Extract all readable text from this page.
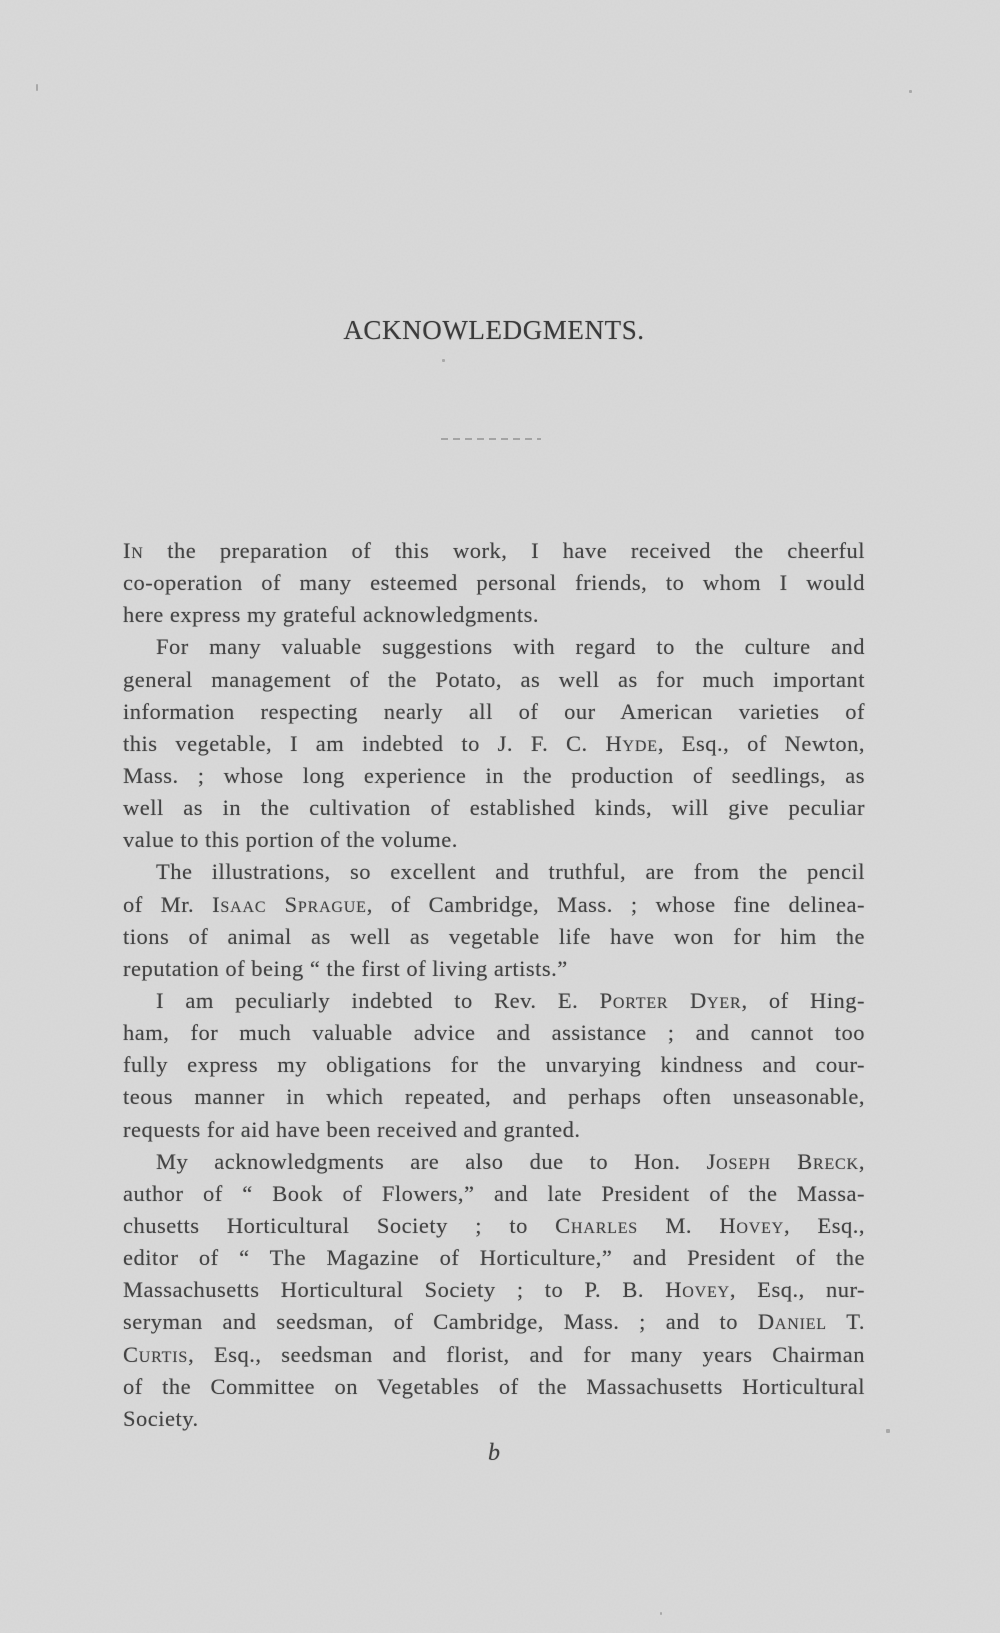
ACKNOWLEDGMENTS.
In the preparation of this work, I have received the cheerful
co-operation of many esteemed personal friends, to whom I would
here express my grateful acknowledgments.
For many valuable suggestions with regard to the culture and
general management of the Potato, as well as for much important
information respecting nearly all of our American varieties of
this vegetable, I am indebted to J. F. C. Hyde, Esq., of Newton,
Mass. ; whose long experience in the production of seedlings, as
well as in the cultivation of established kinds, will give peculiar
value to this portion of the volume.
The illustrations, so excellent and truthful, are from the pencil
of Mr. Isaac Sprague, of Cambridge, Mass. ; whose fine delinea-
tions of animal as well as vegetable life have won for him the
reputation of being “ the first of living artists.”
I am peculiarly indebted to Rev. E. Porter Dyer, of Hing-
ham, for much valuable advice and assistance ; and cannot too
fully express my obligations for the unvarying kindness and cour-
teous manner in which repeated, and perhaps often unseasonable,
requests for aid have been received and granted.
My acknowledgments are also due to Hon. Joseph Breck,
author of “ Book of Flowers,” and late President of the Massa-
chusetts Horticultural Society ; to Charles M. Hovey, Esq.,
editor of “ The Magazine of Horticulture,” and President of the
Massachusetts Horticultural Society ; to P. B. Hovey, Esq., nur-
seryman and seedsman, of Cambridge, Mass. ; and to Daniel T.
Curtis, Esq., seedsman and florist, and for many years Chairman
of the Committee on Vegetables of the Massachusetts Horticultural
Society.
b
